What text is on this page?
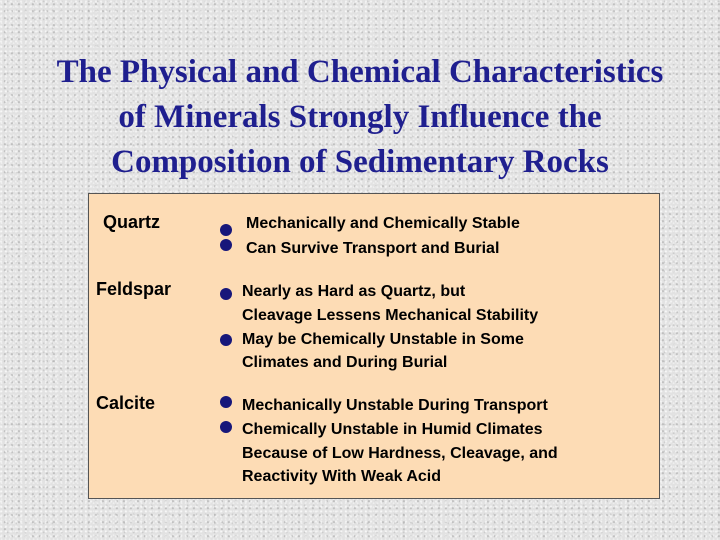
The Physical and Chemical Characteristics
of Minerals Strongly Influence the
Composition of Sedimentary Rocks
Quartz	Mechanically and Chemically Stable
Can Survive Transport and Burial
Feldspar	Nearly as Hard as Quartz, but
Cleavage Lessens Mechanical Stability
May be Chemically Unstable in Some
Climates and During Burial
Calcite	Mechanically Unstable During Transport
Chemically Unstable in Humid Climates
Because of Low Hardness, Cleavage, and
Reactivity With Weak Acid
